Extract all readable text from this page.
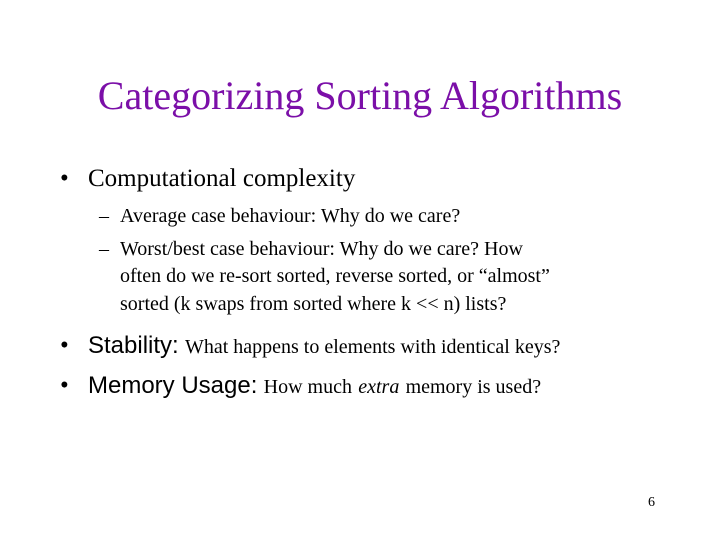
Categorizing Sorting Algorithms
• Computational complexity
– Average case behaviour: Why do we care?
– Worst/best case behaviour: Why do we care? How
often do we re-sort sorted, reverse sorted, or “almost”
sorted (k swaps from sorted where k << n) lists?
• Stability: What happens to elements with identical keys?
• Memory Usage: How much extra memory is used?
6
